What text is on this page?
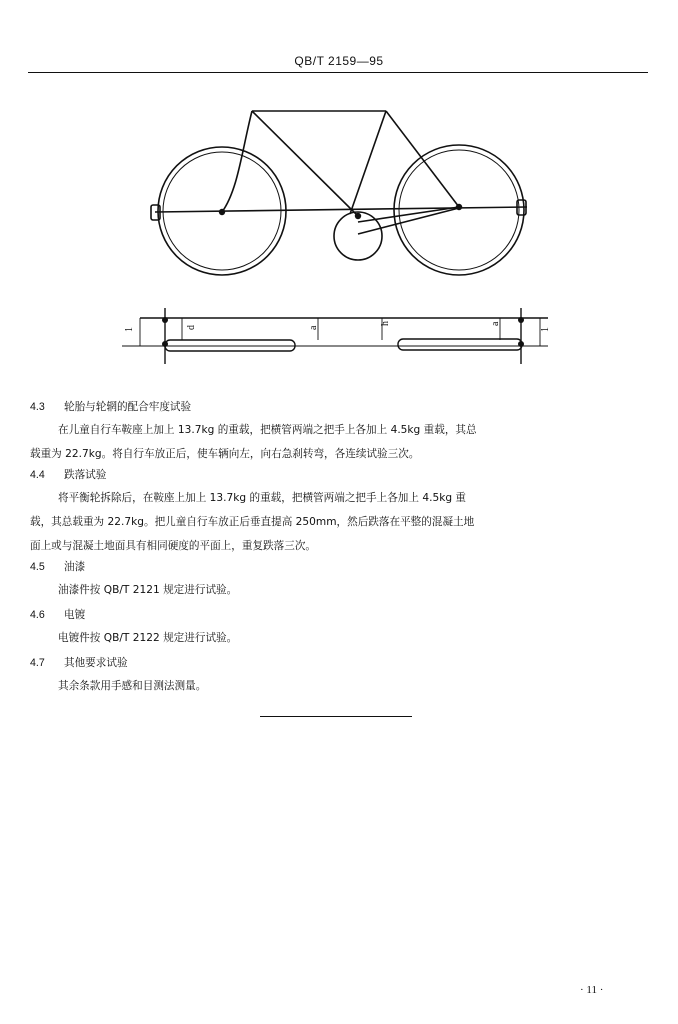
QB/T 2159—95
1	d	a
h	a
1
4.3 轮胎与轮辋的配合牢度试验
在儿童自行车鞍座上加上 13.7kg 的重载，把横管两端之把手上各加上 4.5kg 重载，其总
载重为 22.7kg。将自行车放正后，使车辆向左，向右急刹转弯，各连续试验三次。
4.4 跌落试验
将平衡轮拆除后，在鞍座上加上 13.7kg 的重载，把横管两端之把手上各加上 4.5kg 重
载，其总载重为 22.7kg。把儿童自行车放正后垂直提高 250mm，然后跌落在平整的混凝土地
面上或与混凝土地面具有相同硬度的平面上，重复跌落三次。
4.5 油漆
油漆件按 QB/T 2121 规定进行试验。
4.6 电镀
电镀件按 QB/T 2122 规定进行试验。
4.7 其他要求试验
其余条款用手感和目测法测量。
· 11 ·
